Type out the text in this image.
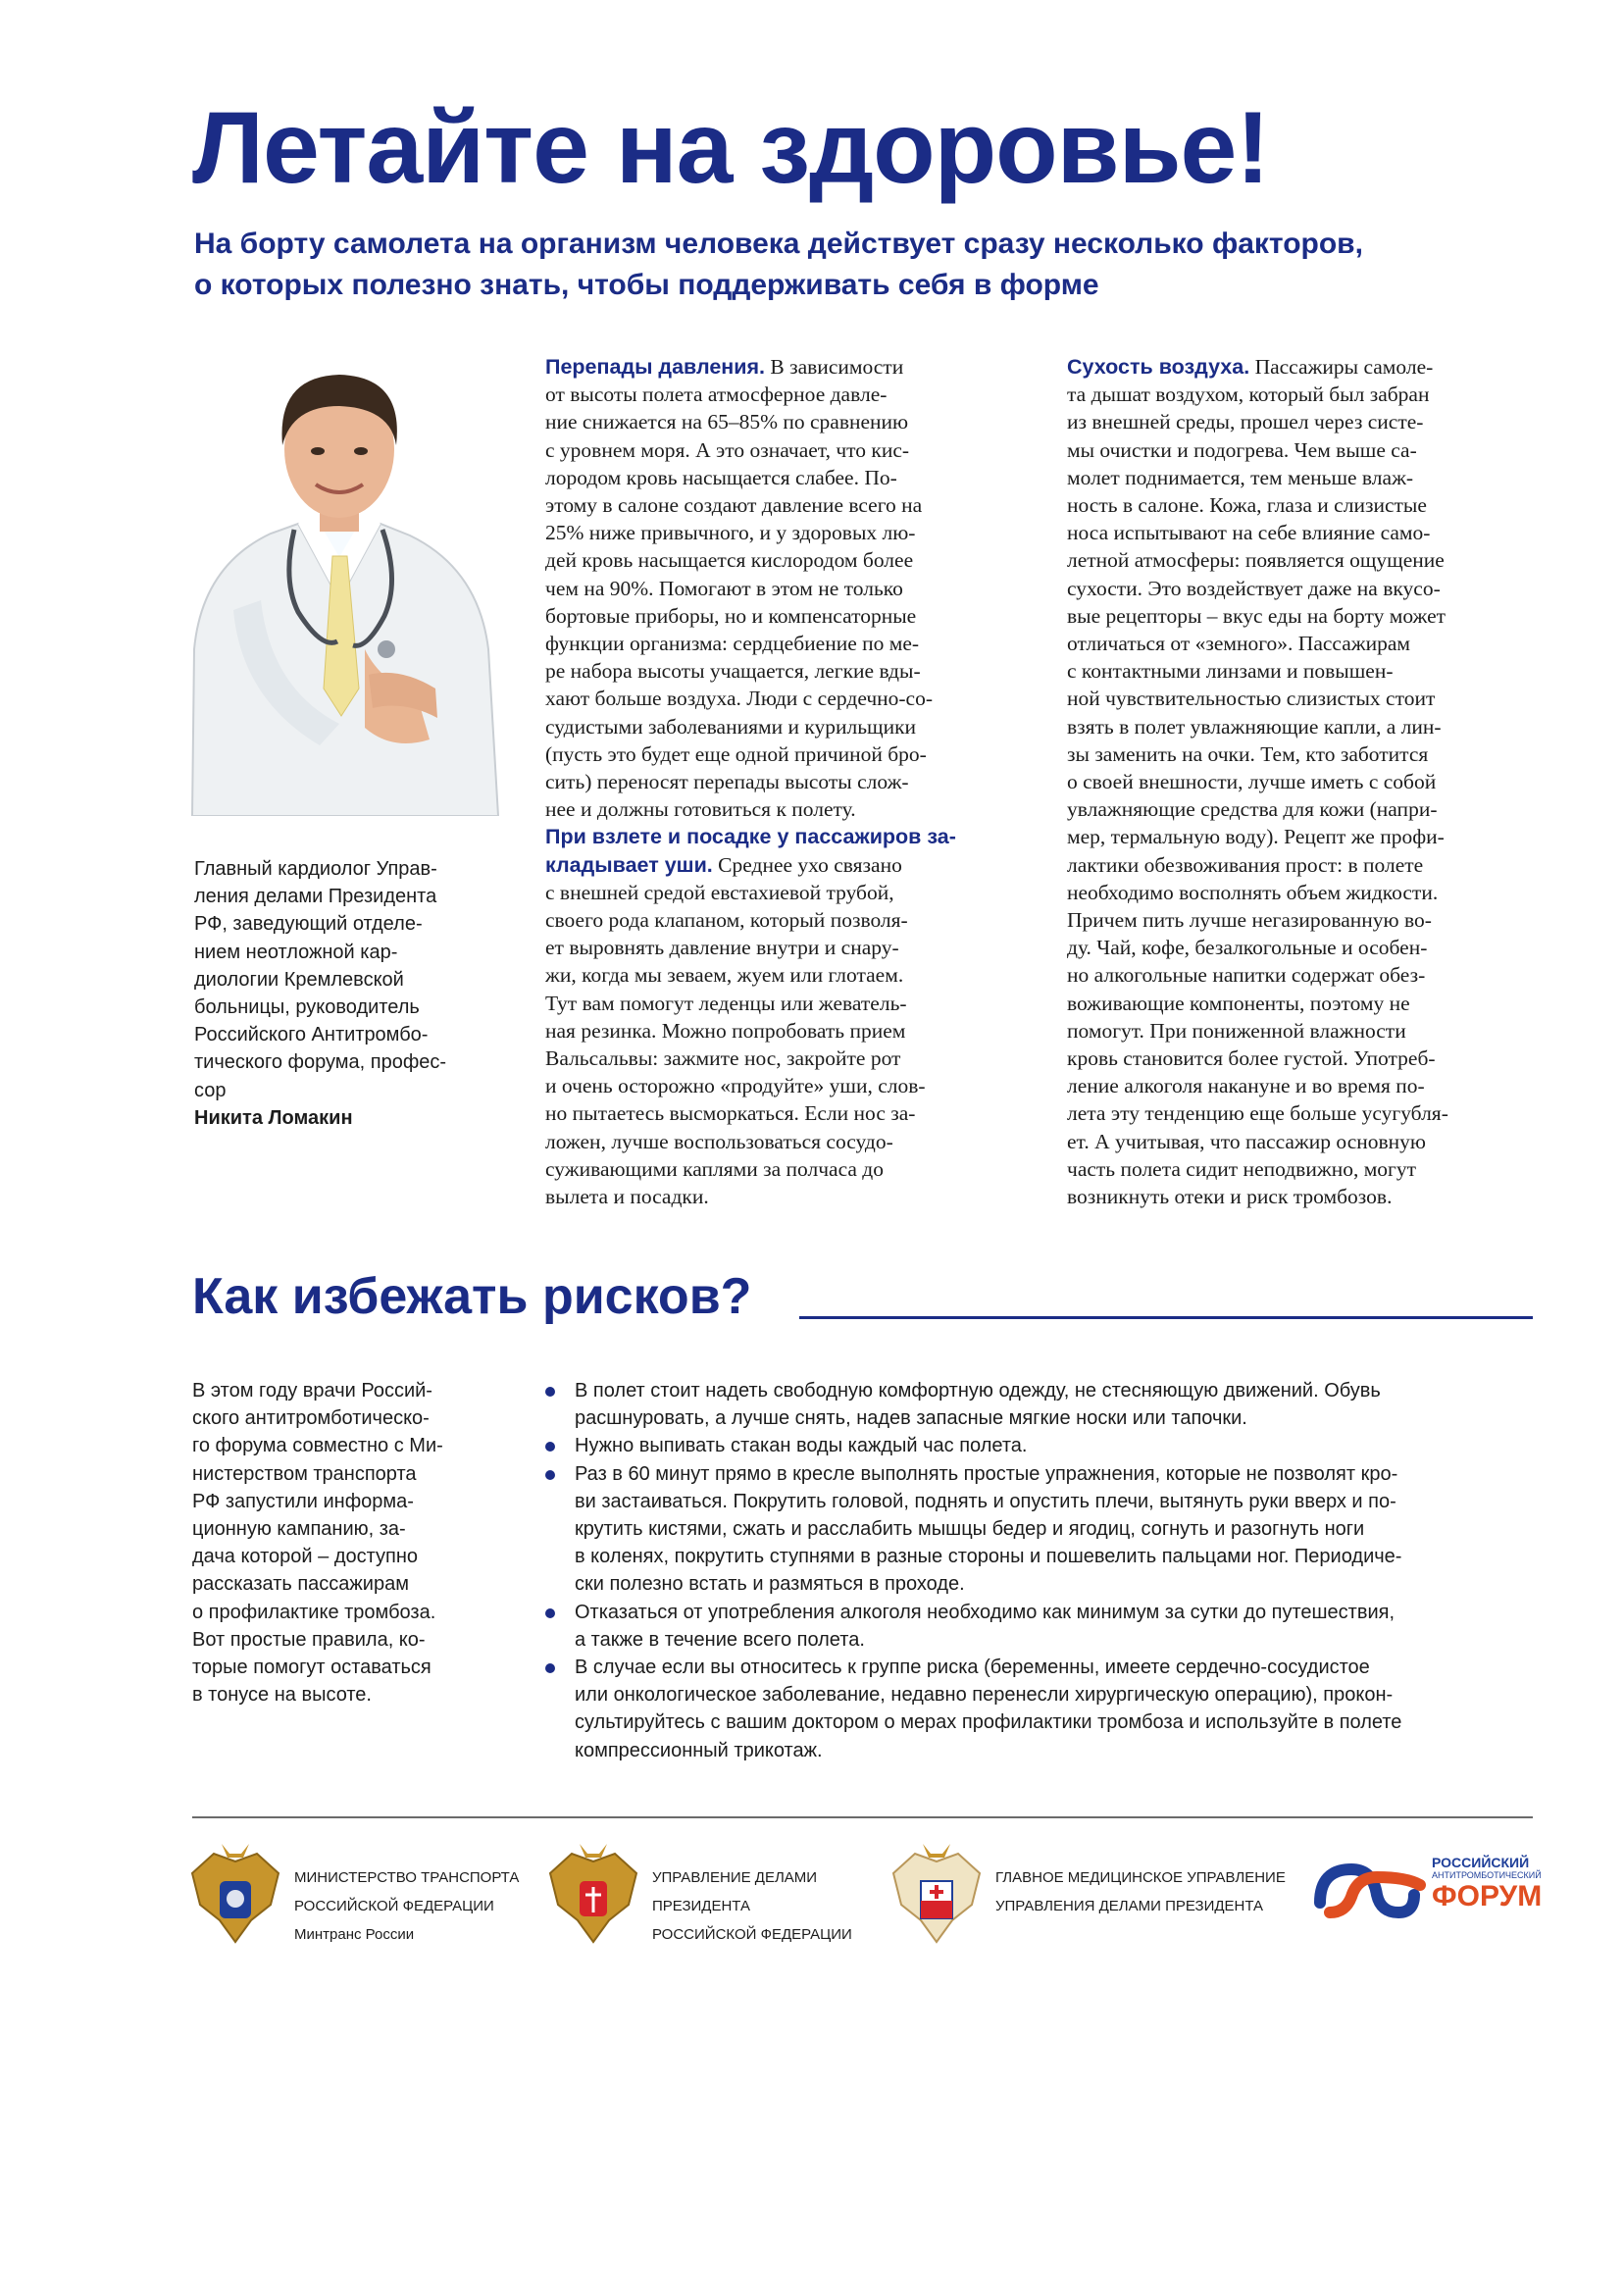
Летайте на здоровье!

На борту самолета на организм человека действует сразу несколько факторов,
о которых полезно знать, чтобы поддерживать себя в форме

Главный кардиолог Управ-
ления делами Президента
РФ, заведующий отделе-
нием неотложной кар-
диологии Кремлевской
больницы, руководитель
Российского Антитромбо-
тического форума, профес-
сор
Никита Ломакин

Перепады давления. В зависимости
от высоты полета атмосферное давле-
ние снижается на 65–85% по сравнению
с уровнем моря. А это означает, что кис-
лородом кровь насыщается слабее. По-
этому в салоне создают давление всего на
25% ниже привычного, и у здоровых лю-
дей кровь насыщается кислородом более
чем на 90%. Помогают в этом не только
бортовые приборы, но и компенсаторные
функции организма: сердцебиение по ме-
ре набора высоты учащается, легкие вды-
хают больше воздуха. Люди с сердечно-со-
судистыми заболеваниями и курильщики
(пусть это будет еще одной причиной бро-
сить) переносят перепады высоты слож-
нее и должны готовиться к полету.
При взлете и посадке у пассажиров за-
кладывает уши. Среднее ухо связано
с внешней средой евстахиевой трубой,
своего рода клапаном, который позволя-
ет выровнять давление внутри и снару-
жи, когда мы зеваем, жуем или глотаем.
Тут вам помогут леденцы или жеватель-
ная резинка. Можно попробовать прием
Вальсальвы: зажмите нос, закройте рот
и очень осторожно «продуйте» уши, слов-
но пытаетесь высморкаться. Если нос за-
ложен, лучше воспользоваться сосудо-
суживающими каплями за полчаса до
вылета и посадки.
Сухость воздуха. Пассажиры самоле-
та дышат воздухом, который был забран
из внешней среды, прошел через систе-
мы очистки и подогрева. Чем выше са-
молет поднимается, тем меньше влаж-
ность в салоне. Кожа, глаза и слизистые
носа испытывают на себе влияние само-
летной атмосферы: появляется ощущение
сухости. Это воздействует даже на вкусо-
вые рецепторы – вкус еды на борту может
отличаться от «земного». Пассажирам
с контактными линзами и повышен-
ной чувствительностью слизистых стоит
взять в полет увлажняющие капли, а лин-
зы заменить на очки. Тем, кто заботится
о своей внешности, лучше иметь с собой
увлажняющие средства для кожи (напри-
мер, термальную воду). Рецепт же профи-
лактики обезвоживания прост: в полете
необходимо восполнять объем жидкости.
Причем пить лучше негазированную во-
ду. Чай, кофе, безалкогольные и особен-
но алкогольные напитки содержат обез-
воживающие компоненты, поэтому не
помогут. При пониженной влажности
кровь становится более густой. Употреб-
ление алкоголя накануне и во время по-
лета эту тенденцию еще больше усугубля-
ет. А учитывая, что пассажир основную
часть полета сидит неподвижно, могут
возникнуть отеки и риск тромбозов.
Как избежать рисков?

В этом году врачи Россий-
ского антитромботическо-
го форума совместно с Ми-
нистерством транспорта
РФ запустили информа-
ционную кампанию, за-
дача которой – доступно
рассказать пассажирам
о профилактике тромбоза.
Вот простые правила, ко-
торые помогут оставаться
в тонусе на высоте.

В полет стоит надеть свободную комфортную одежду, не стесняющую движений. Обувь
расшнуровать, а лучше снять, надев запасные мягкие носки или тапочки.
Нужно выпивать стакан воды каждый час полета.
Раз в 60 минут прямо в кресле выполнять простые упражнения, которые не позволят кро-
ви застаиваться. Покрутить головой, поднять и опустить плечи, вытянуть руки вверх и по-
крутить кистями, сжать и расслабить мышцы бедер и ягодиц, согнуть и разогнуть ноги
в коленях, покрутить ступнями в разные стороны и пошевелить пальцами ног. Периодиче-
ски полезно встать и размяться в проходе.
Отказаться от употребления алкоголя необходимо как минимум за сутки до путешествия,
а также в течение всего полета.
В случае если вы относитесь к группе риска (беременны, имеете сердечно-сосудистое
или онкологическое заболевание, недавно перенесли хирургическую операцию), прокон-
сультируйтесь с вашим доктором о мерах профилактики тромбоза и используйте в полете
компрессионный трикотаж.

МИНИСТЕРСТВО ТРАНСПОРТА
РОССИЙСКОЙ ФЕДЕРАЦИИ
Минтранс России

УПРАВЛЕНИЕ ДЕЛАМИ
ПРЕЗИДЕНТА
РОССИЙСКОЙ ФЕДЕРАЦИИ

ГЛАВНОЕ МЕДИЦИНСКОЕ УПРАВЛЕНИЕ
УПРАВЛЕНИЯ ДЕЛАМИ ПРЕЗИДЕНТА

РОССИЙСКИЙ
АНТИТРОМБОТИЧЕСКИЙ
ФОРУМ
